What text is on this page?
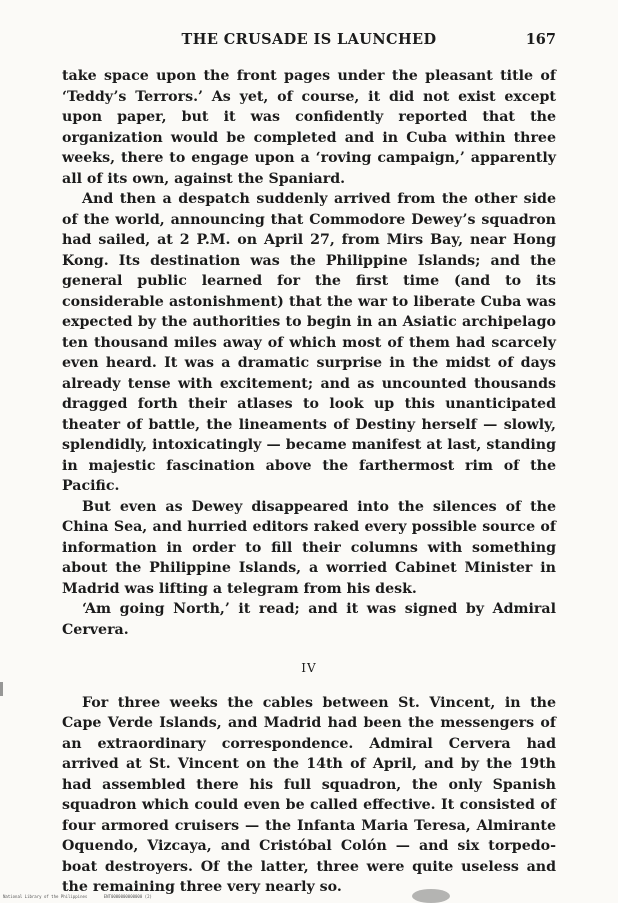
THE CRUSADE IS LAUNCHED	167

take space upon the front pages under the pleasant title of ‘Teddy’s Terrors.’ As yet, of course, it did not exist except upon paper, but it was confidently reported that the organization would be completed and in Cuba within three weeks, there to engage upon a ‘roving campaign,’ apparently all of its own, against the Spaniard.

And then a despatch suddenly arrived from the other side of the world, announcing that Commodore Dewey’s squadron had sailed, at 2 P.M. on April 27, from Mirs Bay, near Hong Kong. Its destination was the Philippine Islands; and the general public learned for the first time (and to its considerable astonishment) that the war to liberate Cuba was expected by the authorities to begin in an Asiatic archipelago ten thousand miles away of which most of them had scarcely even heard. It was a dramatic surprise in the midst of days already tense with excitement; and as uncounted thousands dragged forth their atlases to look up this unanticipated theater of battle, the lineaments of Destiny herself — slowly, splendidly, intoxicatingly — became manifest at last, standing in majestic fascination above the farthermost rim of the Pacific.

But even as Dewey disappeared into the silences of the China Sea, and hurried editors raked every possible source of information in order to fill their columns with something about the Philippine Islands, a worried Cabinet Minister in Madrid was lifting a telegram from his desk.

‘Am going North,’ it read; and it was signed by Admiral Cervera.

IV

For three weeks the cables between St. Vincent, in the Cape Verde Islands, and Madrid had been the messengers of an extraordinary correspondence. Admiral Cervera had arrived at St. Vincent on the 14th of April, and by the 19th had assembled there his full squadron, the only Spanish squadron which could even be called effective. It consisted of four armored cruisers — the Infanta Maria Teresa, Almirante Oquendo, Vizcaya, and Cristóbal Colón — and six torpedo-boat destroyers. Of the latter, three were quite useless and the remaining three very nearly so.

National Library of the Philippines	ENT0000000000000 (2)
